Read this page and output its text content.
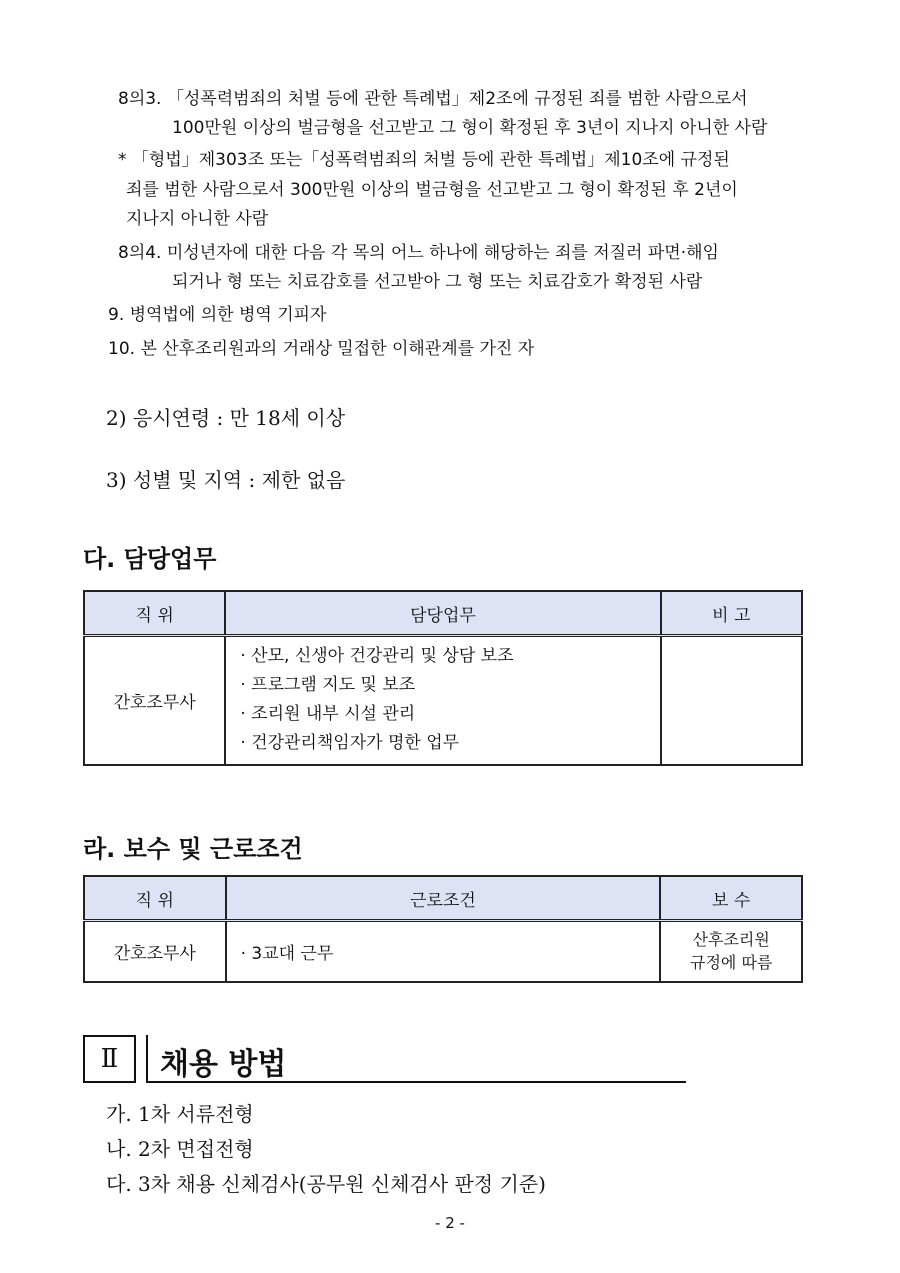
8의3. 「성폭력범죄의 처벌 등에 관한 특례법」제2조에 규정된 죄를 범한 사람으로서
100만원 이상의 벌금형을 선고받고 그 형이 확정된 후 3년이 지나지 아니한 사람
* 「형법」제303조 또는「성폭력범죄의 처벌 등에 관한 특례법」제10조에 규정된
죄를 범한 사람으로서 300만원 이상의 벌금형을 선고받고 그 형이 확정된 후 2년이
지나지 아니한 사람
8의4. 미성년자에 대한 다음 각 목의 어느 하나에 해당하는 죄를 저질러 파면·해임
되거나 형 또는 치료감호를 선고받아 그 형 또는 치료감호가 확정된 사람
9. 병역법에 의한 병역 기피자
10. 본 산후조리원과의 거래상 밀접한 이해관계를 가진 자
2) 응시연령 : 만 18세 이상
3) 성별 및 지역 : 제한 없음
다. 담당업무
직 위	담당업무	비 고
간호조무사	· 산모, 신생아 건강관리 및 상담 보조
· 프로그램 지도 및 보조
· 조리원 내부 시설 관리
· 건강관리책임자가 명한 업무	

라. 보수 및 근로조건
직 위	근로조건	보 수
간호조무사	· 3교대 근무	산후조리원
규정에 따름
Ⅱ	채용 방법
가. 1차 서류전형
나. 2차 면접전형
다. 3차 채용 신체검사(공무원 신체검사 판정 기준)
- 2 -
